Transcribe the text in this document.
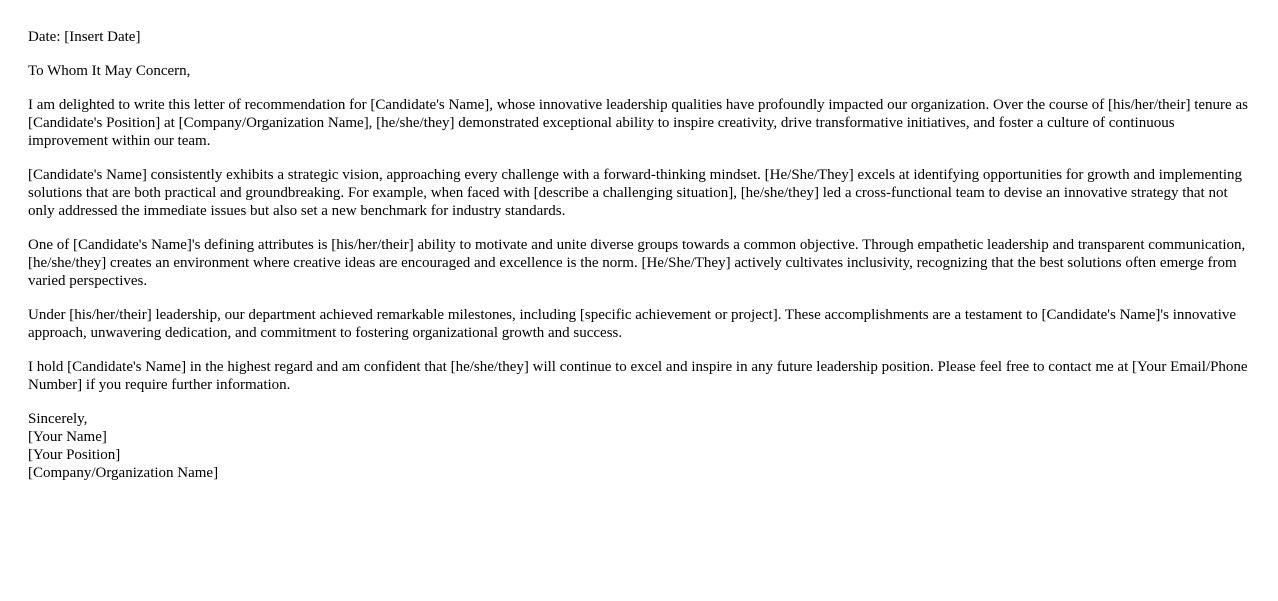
Date: [Insert Date]

To Whom It May Concern,

I am delighted to write this letter of recommendation for [Candidate's Name], whose innovative leadership qualities have profoundly impacted our organization. Over the course of [his/her/their] tenure as [Candidate's Position] at [Company/Organization Name], [he/she/they] demonstrated exceptional ability to inspire creativity, drive transformative initiatives, and foster a culture of continuous improvement within our team.

[Candidate's Name] consistently exhibits a strategic vision, approaching every challenge with a forward-thinking mindset. [He/She/They] excels at identifying opportunities for growth and implementing solutions that are both practical and groundbreaking. For example, when faced with [describe a challenging situation], [he/she/they] led a cross-functional team to devise an innovative strategy that not only addressed the immediate issues but also set a new benchmark for industry standards.

One of [Candidate's Name]'s defining attributes is [his/her/their] ability to motivate and unite diverse groups towards a common objective. Through empathetic leadership and transparent communication, [he/she/they] creates an environment where creative ideas are encouraged and excellence is the norm. [He/She/They] actively cultivates inclusivity, recognizing that the best solutions often emerge from varied perspectives.

Under [his/her/their] leadership, our department achieved remarkable milestones, including [specific achievement or project]. These accomplishments are a testament to [Candidate's Name]'s innovative approach, unwavering dedication, and commitment to fostering organizational growth and success.

I hold [Candidate's Name] in the highest regard and am confident that [he/she/they] will continue to excel and inspire in any future leadership position. Please feel free to contact me at [Your Email/Phone Number] if you require further information.

Sincerely,
[Your Name]
[Your Position]
[Company/Organization Name]
